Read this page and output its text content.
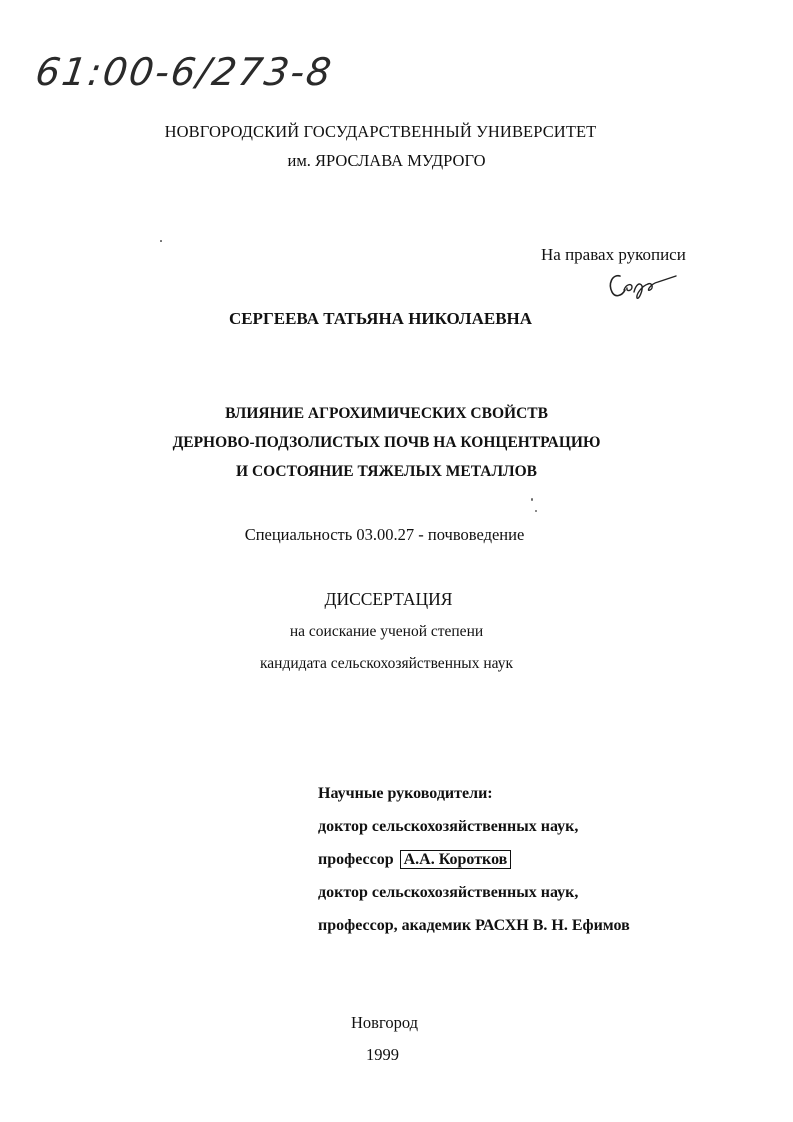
61:00-6/273-8
НОВГОРОДСКИЙ ГОСУДАРСТВЕННЫЙ УНИВЕРСИТЕТ
им. ЯРОСЛАВА МУДРОГО
На правах рукописи
СЕРГЕЕВА ТАТЬЯНА НИКОЛАЕВНА
ВЛИЯНИЕ АГРОХИМИЧЕСКИХ СВОЙСТВ
ДЕРНОВО-ПОДЗОЛИСТЫХ ПОЧВ НА КОНЦЕНТРАЦИЮ
И СОСТОЯНИЕ ТЯЖЕЛЫХ МЕТАЛЛОВ
Специальность 03.00.27 - почвоведение
ДИССЕРТАЦИЯ
на соискание ученой степени
кандидата сельскохозяйственных наук
Научные руководители:
доктор сельскохозяйственных наук,
профессор А.А. Коротков
доктор сельскохозяйственных наук,
профессор, академик РАСХН В. Н. Ефимов
Новгород
1999
